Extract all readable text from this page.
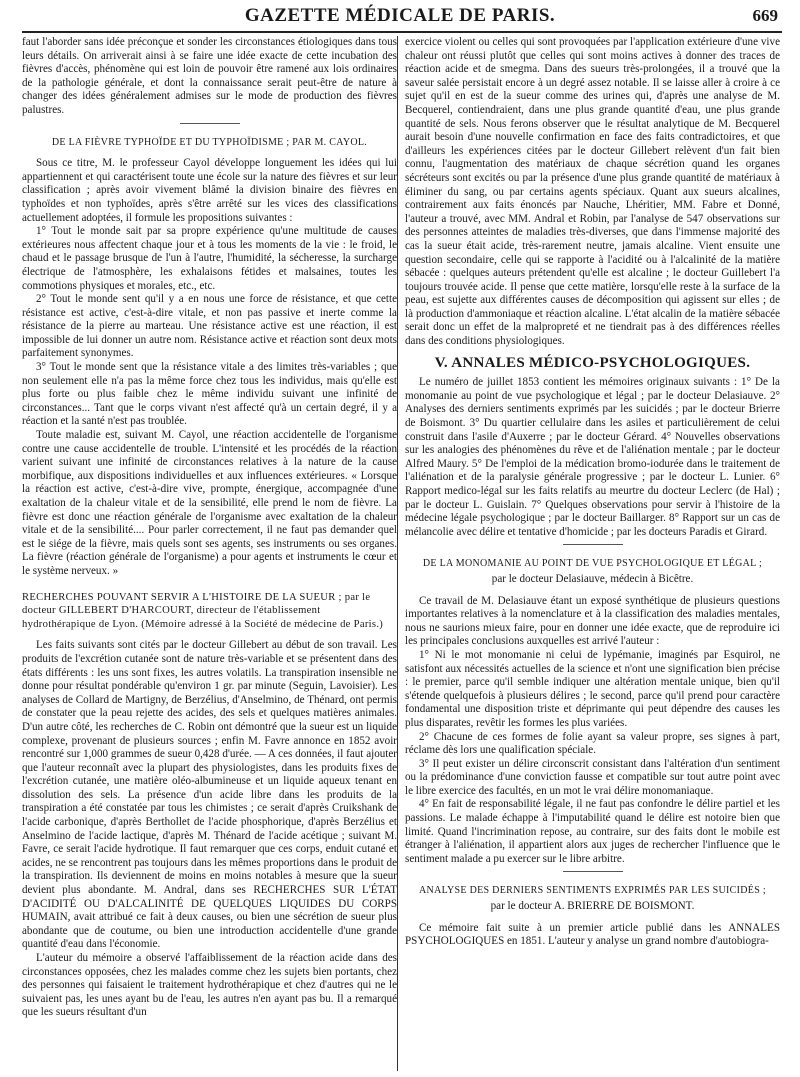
GAZETTE MÉDICALE DE PARIS.	669

faut l'aborder sans idée préconçue et sonder les circonstances étiologiques dans tous leurs détails. On arriverait ainsi à se faire une idée exacte de cette incubation des fièvres d'accès, phénomène qui est loin de pouvoir être ramené aux lois ordinaires de la pathologie générale, et dont la connaissance serait peut-être de nature à changer des idées généralement admises sur le mode de production des fièvres palustres.

DE LA FIÈVRE TYPHOÏDE ET DU TYPHOÏDISME ; PAR M. CAYOL.

Sous ce titre, M. le professeur Cayol développe longuement les idées qui lui appartiennent et qui caractérisent toute une école sur la nature des fièvres et sur leur classification ; après avoir vivement blâmé la division binaire des fièvres en typhoïdes et non typhoïdes, après s'être arrêté sur les vices des classifications actuellement adoptées, il formule les propositions suivantes :

1° Tout le monde sait par sa propre expérience qu'une multitude de causes extérieures nous affectent chaque jour et à tous les moments de la vie : le froid, le chaud et le passage brusque de l'un à l'autre, l'humidité, la sécheresse, la surcharge électrique de l'atmosphère, les exhalaisons fétides et malsaines, toutes les commotions physiques et morales, etc., etc.

2° Tout le monde sent qu'il y a en nous une force de résistance, et que cette résistance est active, c'est-à-dire vitale, et non pas passive et inerte comme la résistance de la pierre au marteau. Une résistance active est une réaction, il est impossible de lui donner un autre nom. Résistance active et réaction sont deux mots parfaitement synonymes.

3° Tout le monde sent que la résistance vitale a des limites très-variables ; que non seulement elle n'a pas la même force chez tous les individus, mais qu'elle est plus forte ou plus faible chez le même individu suivant une infinité de circonstances... Tant que le corps vivant n'est affecté qu'à un certain degré, il y a réaction et la santé n'est pas troublée.

Toute maladie est, suivant M. Cayol, une réaction accidentelle de l'organisme contre une cause accidentelle de trouble. L'intensité et les procédés de la réaction varient suivant une infinité de circonstances relatives à la nature de la cause morbifique, aux dispositions individuelles et aux influences extérieures. « Lorsque la réaction est active, c'est-à-dire vive, prompte, énergique, accompagnée d'une exaltation de la chaleur vitale et de la sensibilité, elle prend le nom de fièvre. La fièvre est donc une réaction générale de l'organisme avec exaltation de la chaleur vitale et de la sensibilité.... Pour parler correctement, il ne faut pas demander quel est le siége de la fièvre, mais quels sont ses agents, ses instruments ou ses organes. La fièvre (réaction générale de l'organisme) a pour agents et instruments le cœur et le système nerveux. »

RECHERCHES POUVANT SERVIR A L'HISTOIRE DE LA SUEUR ; par le docteur GILLEBERT D'HARCOURT, directeur de l'établissement hydrothérapique de Lyon. (Mémoire adressé à la Société de médecine de Paris.)

Les faits suivants sont cités par le docteur Gillebert au début de son travail. Les produits de l'excrétion cutanée sont de nature très-variable et se présentent dans des états différents : les uns sont fixes, les autres volatils. La transpiration insensible ne donne pour résultat pondérable qu'environ 1 gr. par minute (Seguin, Lavoisier). Les analyses de Collard de Martigny, de Berzélius, d'Anselmino, de Thénard, ont permis de constater que la peau rejette des acides, des sels et quelques matières animales. D'un autre côté, les recherches de C. Robin ont démontré que la sueur est un liquide complexe, provenant de plusieurs sources ; enfin M. Favre annonce en 1852 avoir rencontré sur 1,000 grammes de sueur 0,428 d'urée. — A ces données, il faut ajouter que l'auteur reconnaît avec la plupart des physiologistes, dans les produits fixes de l'excrétion cutanée, une matière oléo-albumineuse et un liquide aqueux tenant en dissolution des sels. La présence d'un acide libre dans les produits de la transpiration a été constatée par tous les chimistes ; ce serait d'après Cruikshank de l'acide carbonique, d'après Berthollet de l'acide phosphorique, d'après Berzélius et Anselmino de l'acide lactique, d'après M. Thénard de l'acide acétique ; suivant M. Favre, ce serait l'acide hydrotique. Il faut remarquer que ces corps, enduit cutané et acides, ne se rencontrent pas toujours dans les mêmes proportions dans le produit de la transpiration. Ils deviennent de moins en moins notables à mesure que la sueur devient plus abondante. M. Andral, dans ses RECHERCHES SUR L'ÉTAT D'ACIDITÉ OU D'ALCALINITÉ DE QUELQUES LIQUIDES DU CORPS HUMAIN, avait attribué ce fait à deux causes, ou bien une sécrétion de sueur plus abondante que de coutume, ou bien une introduction accidentelle d'une grande quantité d'eau dans l'économie.

L'auteur du mémoire a observé l'affaiblissement de la réaction acide dans des circonstances opposées, chez les malades comme chez les sujets bien portants, chez des personnes qui faisaient le traitement hydrothérapique et chez d'autres qui ne le suivaient pas, les unes ayant bu de l'eau, les autres n'en ayant pas bu. Il a remarqué que les sueurs résultant d'un

exercice violent ou celles qui sont provoquées par l'application extérieure d'une vive chaleur ont réussi plutôt que celles qui sont moins actives à donner des traces de réaction acide et de smegma. Dans des sueurs très-prolongées, il a trouvé que la saveur salée persistait encore à un degré assez notable. Il se laisse aller à croire à ce sujet qu'il en est de la sueur comme des urines qui, d'après une analyse de M. Becquerel, contiendraient, dans une plus grande quantité d'eau, une plus grande quantité de sels. Nous ferons observer que le résultat analytique de M. Becquerel aurait besoin d'une nouvelle confirmation en face des faits contradictoires, et que d'ailleurs les expériences citées par le docteur Gillebert relèvent d'un fait bien connu, l'augmentation des matériaux de chaque sécrétion quand les organes sécréteurs sont excités ou par la présence d'une plus grande quantité de matériaux à éliminer du sang, ou par certains agents spéciaux. Quant aux sueurs alcalines, contrairement aux faits énoncés par Nauche, Lhéritier, MM. Fabre et Donné, l'auteur a trouvé, avec MM. Andral et Robin, par l'analyse de 547 observations sur des personnes atteintes de maladies très-diverses, que dans l'immense majorité des cas la sueur était acide, très-rarement neutre, jamais alcaline. Vient ensuite une question secondaire, celle qui se rapporte à l'acidité ou à l'alcalinité de la matière sébacée : quelques auteurs prétendent qu'elle est alcaline ; le docteur Guillebert l'a toujours trouvée acide. Il pense que cette matière, lorsqu'elle reste à la surface de la peau, est sujette aux différentes causes de décomposition qui agissent sur elles ; de là production d'ammoniaque et réaction alcaline. L'état alcalin de la matière sébacée serait donc un effet de la malpropreté et ne tiendrait pas à des différences réelles dans des conditions physiologiques.

V. ANNALES MÉDICO-PSYCHOLOGIQUES.

Le numéro de juillet 1853 contient les mémoires originaux suivants : 1° De la monomanie au point de vue psychologique et légal ; par le docteur Delasiauve. 2° Analyses des derniers sentiments exprimés par les suicidés ; par le docteur Brierre de Boismont. 3° Du quartier cellulaire dans les asiles et particulièrement de celui construit dans l'asile d'Auxerre ; par le docteur Gérard. 4° Nouvelles observations sur les analogies des phénomènes du rêve et de l'aliénation mentale ; par le docteur Alfred Maury. 5° De l'emploi de la médication bromo-iodurée dans le traitement de l'aliénation et de la paralysie générale progressive ; par le docteur L. Lunier. 6° Rapport medico-légal sur les faits relatifs au meurtre du docteur Leclerc (de Hal) ; par le docteur L. Guislain. 7° Quelques observations pour servir à l'histoire de la médecine légale psychologique ; par le docteur Baillarger. 8° Rapport sur un cas de mélancolie avec délire et tentative d'homicide ; par les docteurs Paradis et Girard.

DE LA MONOMANIE AU POINT DE VUE PSYCHOLOGIQUE ET LÉGAL ;

par le docteur Delasiauve, médecin à Bicêtre.

Ce travail de M. Delasiauve étant un exposé synthétique de plusieurs questions importantes relatives à la nomenclature et à la classification des maladies mentales, nous ne saurions mieux faire, pour en donner une idée exacte, que de reproduire ici les principales conclusions auxquelles est arrivé l'auteur :

1° Ni le mot monomanie ni celui de lypémanie, imaginés par Esquirol, ne satisfont aux nécessités actuelles de la science et n'ont une signification bien précise : le premier, parce qu'il semble indiquer une altération mentale unique, bien qu'il s'étende quelquefois à plusieurs délires ; le second, parce qu'il prend pour caractère fondamental une disposition triste et déprimante qui peut dépendre des causes les plus disparates, revêtir les formes les plus variées.

2° Chacune de ces formes de folie ayant sa valeur propre, ses signes à part, réclame dès lors une qualification spéciale.

3° Il peut exister un délire circonscrit consistant dans l'altération d'un sentiment ou la prédominance d'une conviction fausse et compatible sur tout autre point avec le libre exercice des facultés, en un mot le vrai délire monomaniaque.

4° En fait de responsabilité légale, il ne faut pas confondre le délire partiel et les passions. Le malade échappe à l'imputabilité quand le délire est notoire bien que limité. Quand l'incrimination repose, au contraire, sur des faits dont le mobile est étranger à l'aliénation, il appartient alors aux juges de rechercher l'influence que le sentiment malade a pu exercer sur le libre arbitre.

ANALYSE DES DERNIERS SENTIMENTS EXPRIMÉS PAR LES SUICIDÉS ;

par le docteur A. BRIERRE DE BOISMONT.

Ce mémoire fait suite à un premier article publié dans les ANNALES PSYCHOLOGIQUES en 1851. L'auteur y analyse un grand nombre d'autobiogra-
